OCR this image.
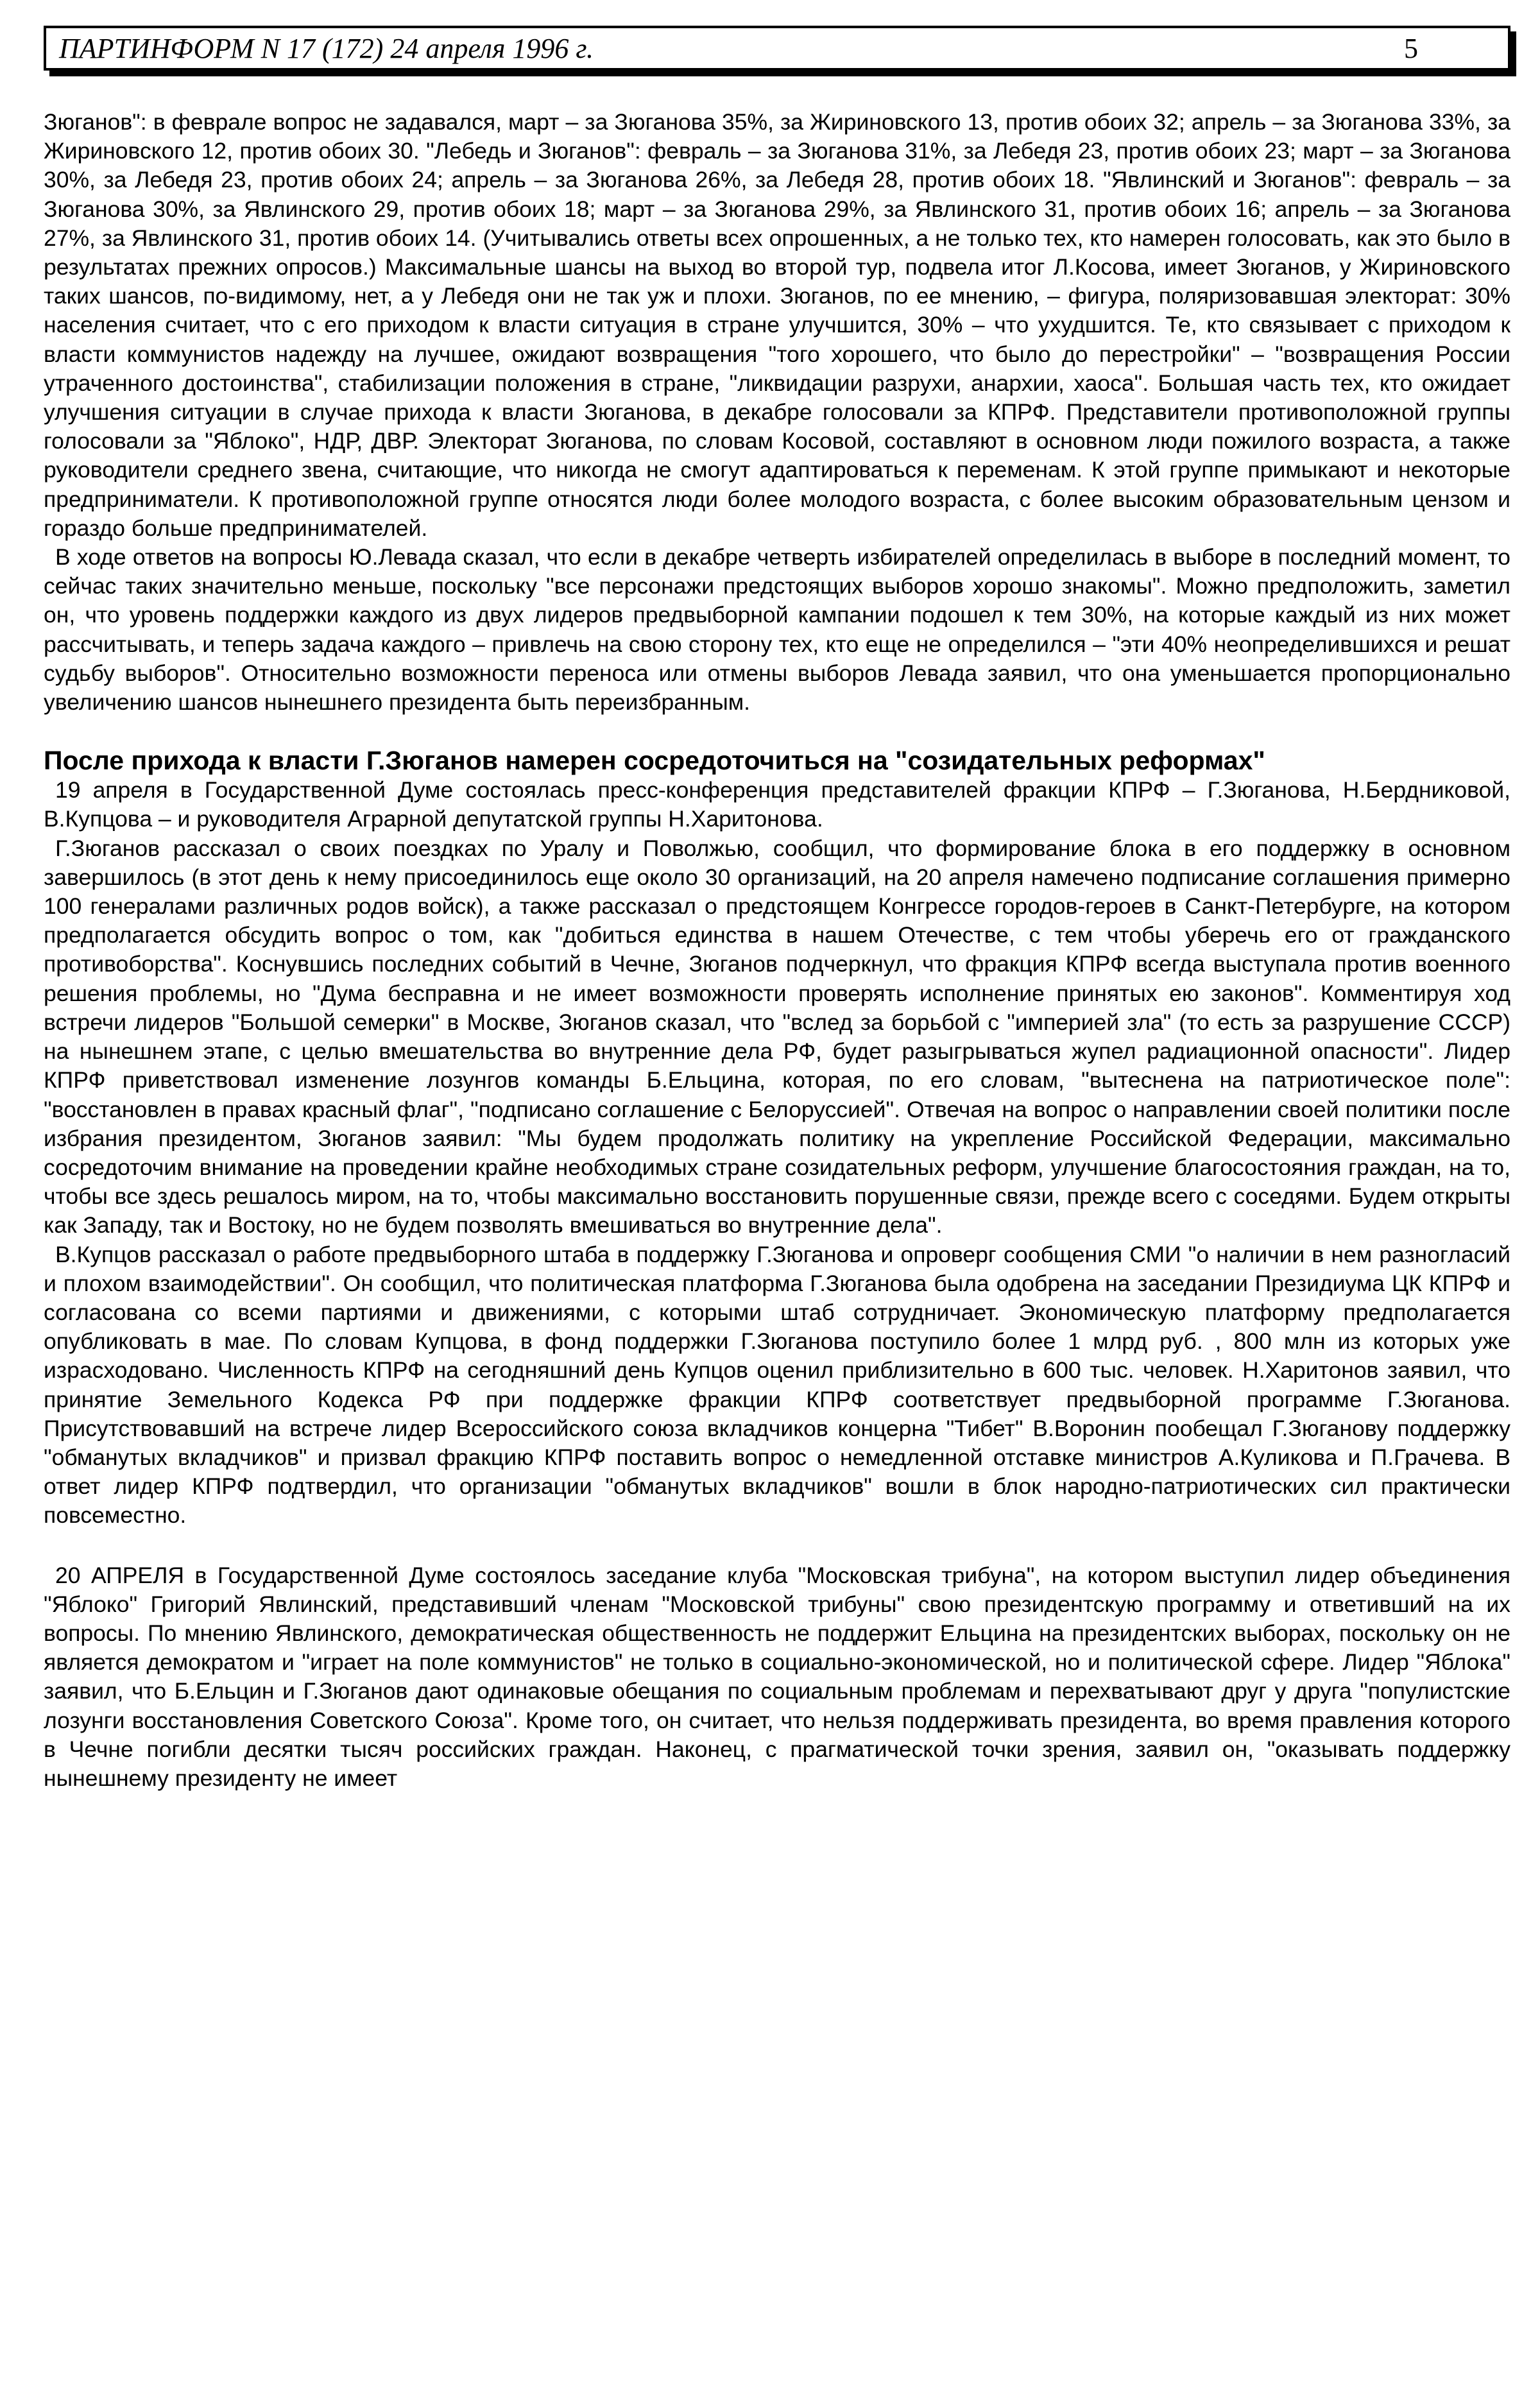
ПАРТИНФОРМ N 17 (172) 24 апреля 1996 г.	5

Зюганов": в феврале вопрос не задавался, март – за Зюганова 35%, за Жириновского 13, против обоих 32; апрель – за Зюганова 33%, за Жириновского 12, против обоих 30. "Лебедь и Зюганов": февраль – за Зюганова 31%, за Лебедя 23, против обоих 23; март – за Зюганова 30%, за Лебедя 23, против обоих 24; апрель – за Зюганова 26%, за Лебедя 28, против обоих 18. "Явлинский и Зюганов": февраль – за Зюганова 30%, за Явлинского 29, против обоих 18; март – за Зюганова 29%, за Явлинского 31, против обоих 16; апрель – за Зюганова 27%, за Явлинского 31, против обоих 14. (Учитывались ответы всех опрошенных, а не только тех, кто намерен голосовать, как это было в результатах прежних опросов.) Максимальные шансы на выход во второй тур, подвела итог Л.Косова, имеет Зюганов, у Жириновского таких шансов, по-видимому, нет, а у Лебедя они не так уж и плохи. Зюганов, по ее мнению, – фигура, поляризовавшая электорат: 30% населения считает, что с его приходом к власти ситуация в стране улучшится, 30% – что ухудшится. Те, кто связывает с приходом к власти коммунистов надежду на лучшее, ожидают возвращения "того хорошего, что было до перестройки" – "возвращения России утраченного достоинства", стабилизации положения в стране, "ликвидации разрухи, анархии, хаоса". Большая часть тех, кто ожидает улучшения ситуации в случае прихода к власти Зюганова, в декабре голосовали за КПРФ. Представители противоположной группы голосовали за "Яблоко", НДР, ДВР. Электорат Зюганова, по словам Косовой, составляют в основном люди пожилого возраста, а также руководители среднего звена, считающие, что никогда не смогут адаптироваться к переменам. К этой группе примыкают и некоторые предприниматели. К противоположной группе относятся люди более молодого возраста, с более высоким образовательным цензом и гораздо больше предпринимателей.

В ходе ответов на вопросы Ю.Левада сказал, что если в декабре четверть избирателей определилась в выборе в последний момент, то сейчас таких значительно меньше, поскольку "все персонажи предстоящих выборов хорошо знакомы". Можно предположить, заметил он, что уровень поддержки каждого из двух лидеров предвыборной кампании подошел к тем 30%, на которые каждый из них может рассчитывать, и теперь задача каждого – привлечь на свою сторону тех, кто еще не определился – "эти 40% неопределившихся и решат судьбу выборов". Относительно возможности переноса или отмены выборов Левада заявил, что она уменьшается пропорционально увеличению шансов нынешнего президента быть переизбранным.

После прихода к власти Г.Зюганов намерен сосредоточиться на "созидательных реформах"

19 апреля в Государственной Думе состоялась пресс-конференция представителей фракции КПРФ – Г.Зюганова, Н.Бердниковой, В.Купцова – и руководителя Аграрной депутатской группы Н.Харитонова.

Г.Зюганов рассказал о своих поездках по Уралу и Поволжью, сообщил, что формирование блока в его поддержку в основном завершилось (в этот день к нему присоединилось еще около 30 организаций, на 20 апреля намечено подписание соглашения примерно 100 генералами различных родов войск), а также рассказал о предстоящем Конгрессе городов-героев в Санкт-Петербурге, на котором предполагается обсудить вопрос о том, как "добиться единства в нашем Отечестве, с тем чтобы уберечь его от гражданского противоборства". Коснувшись последних событий в Чечне, Зюганов подчеркнул, что фракция КПРФ всегда выступала против военного решения проблемы, но "Дума бесправна и не имеет возможности проверять исполнение принятых ею законов". Комментируя ход встречи лидеров "Большой семерки" в Москве, Зюганов сказал, что "вслед за борьбой с "империей зла" (то есть за разрушение СССР) на нынешнем этапе, с целью вмешательства во внутренние дела РФ, будет разыгрываться жупел радиационной опасности". Лидер КПРФ приветствовал изменение лозунгов команды Б.Ельцина, которая, по его словам, "вытеснена на патриотическое поле": "восстановлен в правах красный флаг", "подписано соглашение с Белоруссией". Отвечая на вопрос о направлении своей политики после избрания президентом, Зюганов заявил: "Мы будем продолжать политику на укрепление Российской Федерации, максимально сосредоточим внимание на проведении крайне необходимых стране созидательных реформ, улучшение благосостояния граждан, на то, чтобы все здесь решалось миром, на то, чтобы максимально восстановить порушенные связи, прежде всего с соседями. Будем открыты как Западу, так и Востоку, но не будем позволять вмешиваться во внутренние дела".

В.Купцов рассказал о работе предвыборного штаба в поддержку Г.Зюганова и опроверг сообщения СМИ "о наличии в нем разногласий и плохом взаимодействии". Он сообщил, что политическая платформа Г.Зюганова была одобрена на заседании Президиума ЦК КПРФ и согласована со всеми партиями и движениями, с которыми штаб сотрудничает. Экономическую платформу предполагается опубликовать в мае. По словам Купцова, в фонд поддержки Г.Зюганова поступило более 1 млрд руб. , 800 млн из которых уже израсходовано. Численность КПРФ на сегодняшний день Купцов оценил приблизительно в 600 тыс. человек. Н.Харитонов заявил, что принятие Земельного Кодекса РФ при поддержке фракции КПРФ соответствует предвыборной программе Г.Зюганова. Присутствовавший на встрече лидер Всероссийского союза вкладчиков концерна "Тибет" В.Воронин пообещал Г.Зюганову поддержку "обманутых вкладчиков" и призвал фракцию КПРФ поставить вопрос о немедленной отставке министров А.Куликова и П.Грачева. В ответ лидер КПРФ подтвердил, что организации "обманутых вкладчиков" вошли в блок народно-патриотических сил практически повсеместно.

20 АПРЕЛЯ в Государственной Думе состоялось заседание клуба "Московская трибуна", на котором выступил лидер объединения "Яблоко" Григорий Явлинский, представивший членам "Московской трибуны" свою президентскую программу и ответивший на их вопросы. По мнению Явлинского, демократическая общественность не поддержит Ельцина на президентских выборах, поскольку он не является демократом и "играет на поле коммунистов" не только в социально-экономической, но и политической сфере. Лидер "Яблока" заявил, что Б.Ельцин и Г.Зюганов дают одинаковые обещания по социальным проблемам и перехватывают друг у друга "популистские лозунги восстановления Советского Союза". Кроме того, он считает, что нельзя поддерживать президента, во время правления которого в Чечне погибли десятки тысяч российских граждан. Наконец, с прагматической точки зрения, заявил он, "оказывать поддержку нынешнему президенту не имеет
